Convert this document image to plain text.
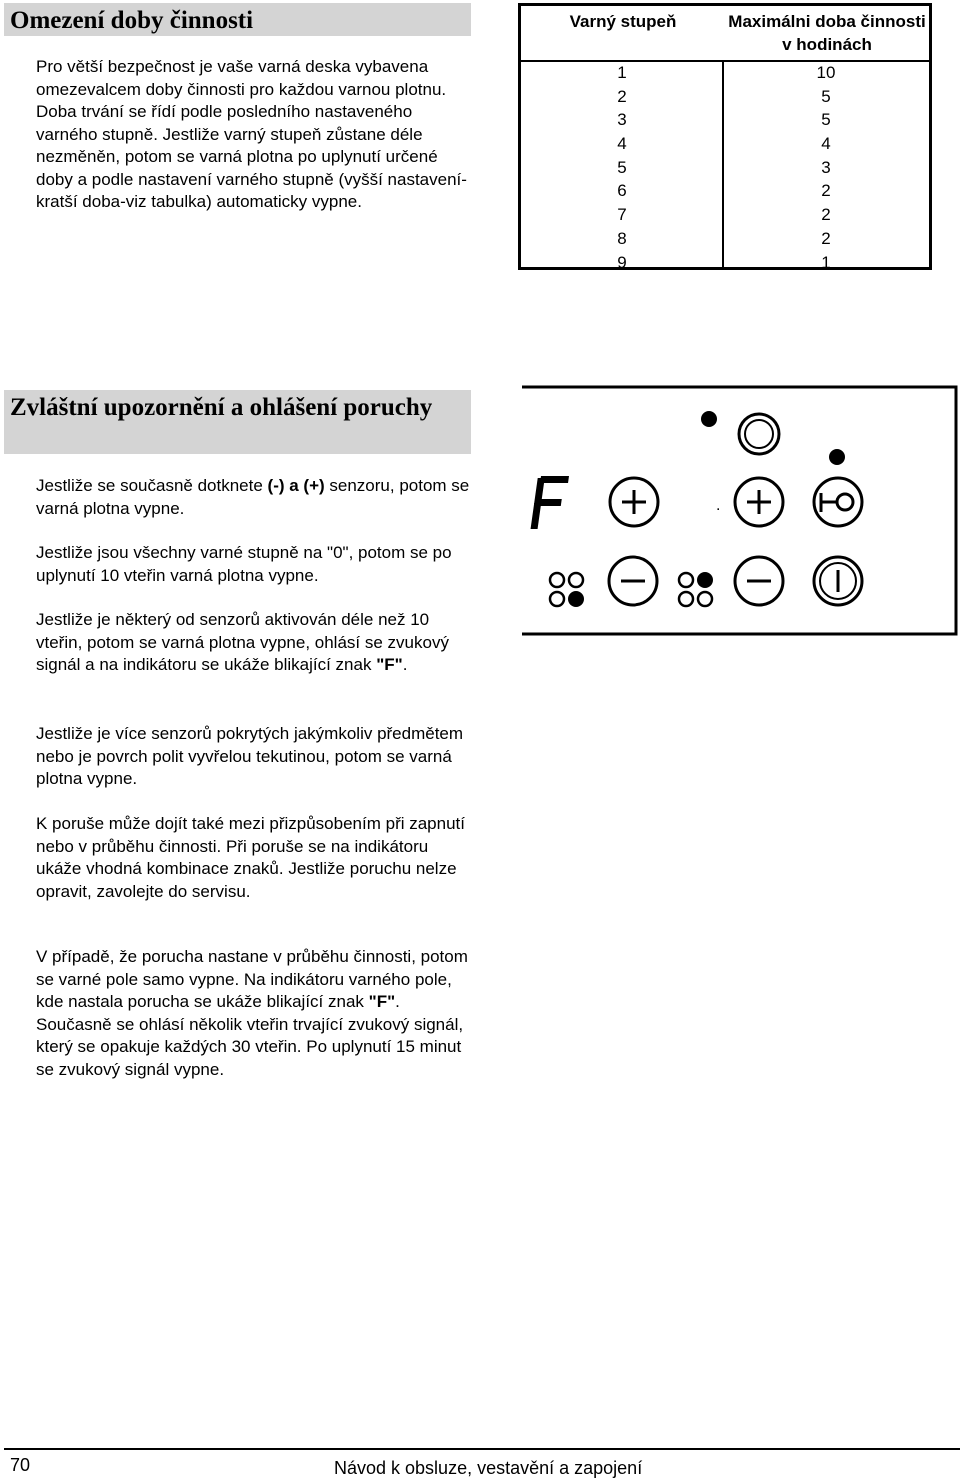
Omezení doby činnosti

Pro větší bezpečnost je vaše varná deska vybavena omezevalcem doby činnosti pro každou varnou plotnu. Doba trvání se řídí podle posledního nastaveného varného stupně. Jestliže varný stupeň zůstane déle nezměněn, potom se varná plotna po uplynutí určené doby a podle nastavení varného stupně (vyšší nastavení-kratší doba-viz tabulka) automaticky vypne.

Varný stupeň	Maximálni doba činnosti v hodinách
1	10
2	5
3	5
4	4
5	3
6	2
7	2
8	2
9	1
Zvláštní upozornění a ohlášení poruchy

Jestliže se současně dotknete (-) a (+) senzoru, potom se varná plotna vypne.

Jestliže jsou všechny varné stupně na "0", potom se po uplynutí 10 vteřin varná plotna vypne.

Jestliže je některý od senzorů aktivován déle než 10 vteřin, potom se varná plotna vypne, ohlásí se zvukový signál a na indikátoru se ukáže blikající znak "F".

Jestliže je více senzorů pokrytých jakýmkoliv předmětem nebo je povrch polit vyvřelou tekutinou, potom se varná plotna vypne.

K poruše může dojít také mezi přizpůsobením při zapnutí nebo v průběhu činnosti. Při poruše se na indikátoru ukáže vhodná kombinace znaků. Jestliže poruchu nelze opravit, zavolejte do servisu.

V případě, že porucha nastane v průběhu činnosti, potom se varné pole samo vypne. Na indikátoru varného pole, kde nastala porucha se ukáže blikající znak "F". Současně se ohlásí několik vteřin trvající zvukový signál, který se opakuje každých 30 vteřin. Po uplynutí 15 minut se zvukový signál vypne.

F
.
70	Návod k obsluze, vestavění a zapojení
